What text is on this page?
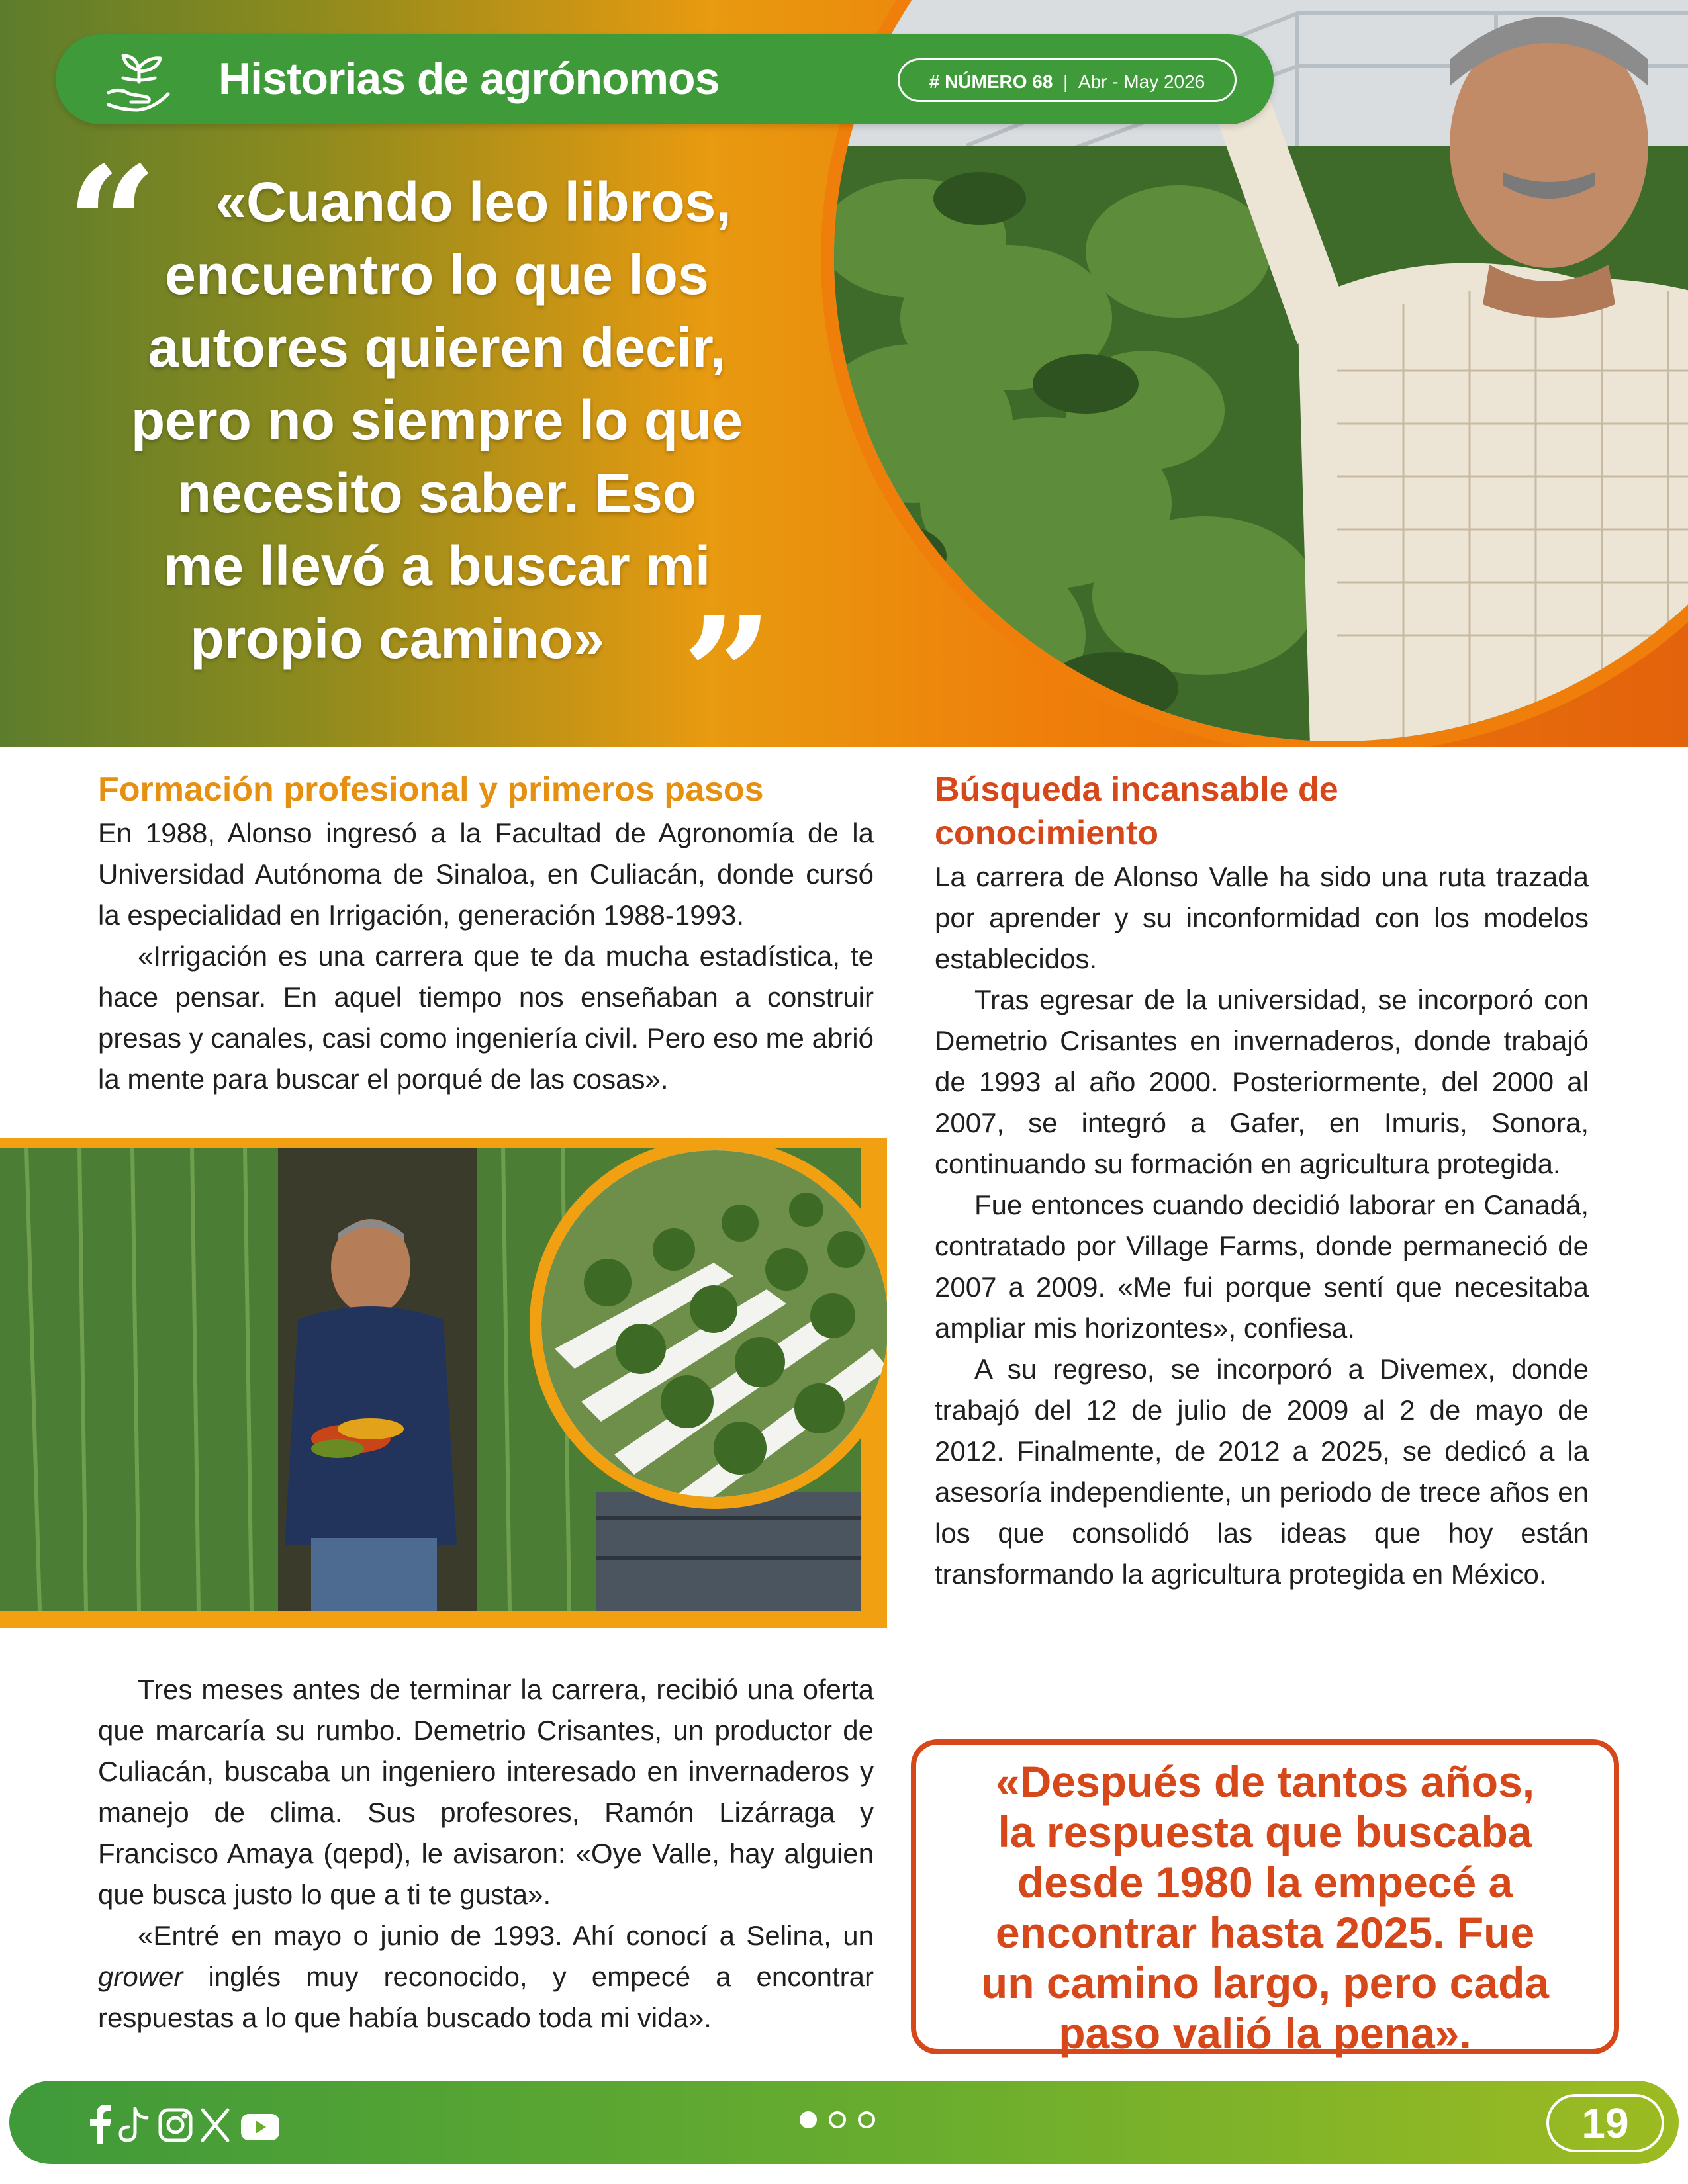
Historias de agrónomos	# NÚMERO 68  |  Abr - May 2026
“	«Cuando leo libros,
encuentro lo que los
autores quieren decir,
pero no siempre lo que
necesito saber. Eso
me llevó a buscar mi
propio camino» ”
Formación profesional y primeros pasos

En 1988, Alonso ingresó a la Facultad de Agronomía de la Universidad Autónoma de Sinaloa, en Culiacán, donde cursó la especialidad en Irrigación, generación 1988-1993.

«Irrigación es una carrera que te da mucha estadística, te hace pensar. En aquel tiempo nos enseñaban a construir presas y canales, casi como ingeniería civil. Pero eso me abrió la mente para buscar el porqué de las cosas».

Tres meses antes de terminar la carrera, recibió una oferta que marcaría su rumbo. Demetrio Crisantes, un productor de Culiacán, buscaba un ingeniero interesado en invernaderos y manejo de clima. Sus profesores, Ramón Lizárraga y Francisco Amaya (qepd), le avisaron: «Oye Valle, hay alguien que busca justo lo que a ti te gusta».

«Entré en mayo o junio de 1993. Ahí conocí a Selina, un grower inglés muy reconocido, y empecé a encontrar respuestas a lo que había buscado toda mi vida».

Búsqueda incansable de
conocimiento

La carrera de Alonso Valle ha sido una ruta trazada por aprender y su inconformidad con los modelos establecidos.

Tras egresar de la universidad, se incorporó con Demetrio Crisantes en invernaderos, donde trabajó de 1993 al año 2000. Posteriormente, del 2000 al 2007, se integró a Gafer, en Imuris, Sonora, continuando su formación en agricultura protegida.

Fue entonces cuando decidió laborar en Canadá, contratado por Village Farms, donde permaneció de 2007 a 2009. «Me fui porque sentí que necesitaba ampliar mis horizontes», confiesa.

A su regreso, se incorporó a Divemex, donde trabajó del 12 de julio de 2009 al 2 de mayo de 2012. Finalmente, de 2012 a 2025, se dedicó a la asesoría independiente, un periodo de trece años en los que consolidó las ideas que hoy están transformando la agricultura protegida en México.

«Después de tantos años,
la respuesta que buscaba
desde 1980 la empecé a
encontrar hasta 2025. Fue
un camino largo, pero cada
paso valió la pena».
19
